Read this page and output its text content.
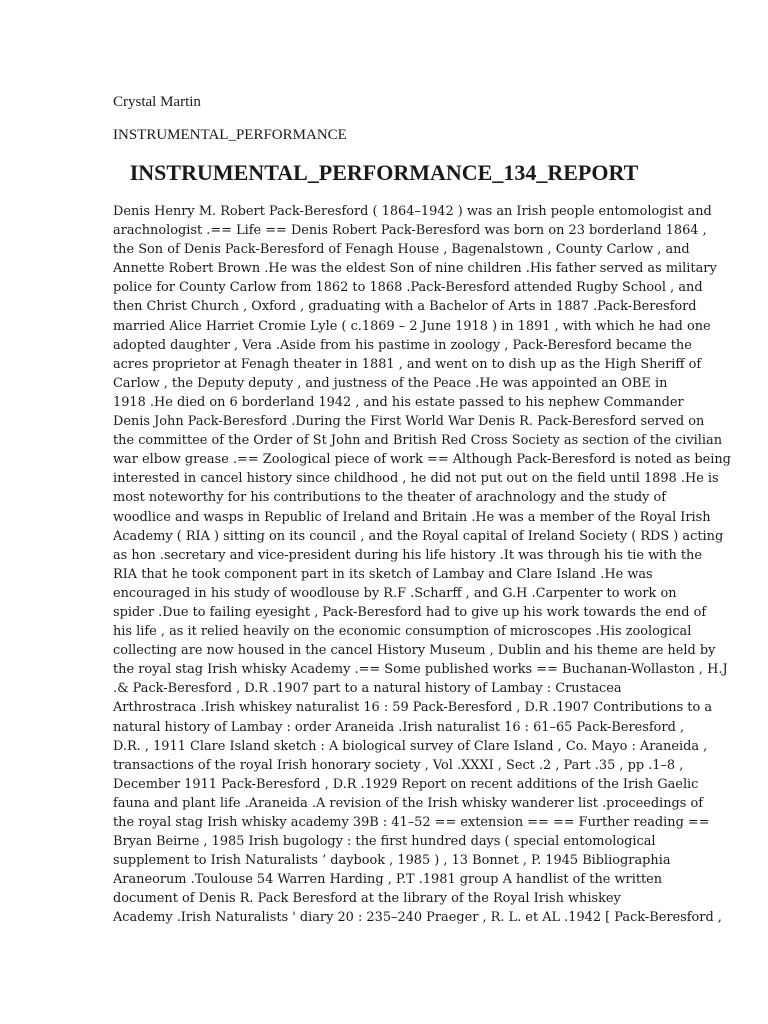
Crystal Martin
INSTRUMENTAL_PERFORMANCE
INSTRUMENTAL_PERFORMANCE_134_REPORT
Denis Henry M. Robert Pack-Beresford ( 1864–1942 ) was an Irish people entomologist and
arachnologist .== Life == Denis Robert Pack-Beresford was born on 23 borderland 1864 ,
the Son of Denis Pack-Beresford of Fenagh House , Bagenalstown , County Carlow , and
Annette Robert Brown .He was the eldest Son of nine children .His father served as military
police for County Carlow from 1862 to 1868 .Pack-Beresford attended Rugby School , and
then Christ Church , Oxford , graduating with a Bachelor of Arts in 1887 .Pack-Beresford
married Alice Harriet Cromie Lyle ( c.1869 – 2 June 1918 ) in 1891 , with which he had one
adopted daughter , Vera .Aside from his pastime in zoology , Pack-Beresford became the
acres proprietor at Fenagh theater in 1881 , and went on to dish up as the High Sheriff of
Carlow , the Deputy deputy , and justness of the Peace .He was appointed an OBE in
1918 .He died on 6 borderland 1942 , and his estate passed to his nephew Commander
Denis John Pack-Beresford .During the First World War Denis R. Pack-Beresford served on
the committee of the Order of St John and British Red Cross Society as section of the civilian
war elbow grease .== Zoological piece of work == Although Pack-Beresford is noted as being
interested in cancel history since childhood , he did not put out on the field until 1898 .He is
most noteworthy for his contributions to the theater of arachnology and the study of
woodlice and wasps in Republic of Ireland and Britain .He was a member of the Royal Irish
Academy ( RIA ) sitting on its council , and the Royal capital of Ireland Society ( RDS ) acting
as hon .secretary and vice-president during his life history .It was through his tie with the
RIA that he took component part in its sketch of Lambay and Clare Island .He was
encouraged in his study of woodlouse by R.F .Scharff , and G.H .Carpenter to work on
spider .Due to failing eyesight , Pack-Beresford had to give up his work towards the end of
his life , as it relied heavily on the economic consumption of microscopes .His zoological
collecting are now housed in the cancel History Museum , Dublin and his theme are held by
the royal stag Irish whisky Academy .== Some published works == Buchanan-Wollaston , H.J
.& Pack-Beresford , D.R .1907 part to a natural history of Lambay : Crustacea
Arthrostraca .Irish whiskey naturalist 16 : 59 Pack-Beresford , D.R .1907 Contributions to a
natural history of Lambay : order Araneida .Irish naturalist 16 : 61–65 Pack-Beresford ,
D.R. , 1911 Clare Island sketch : A biological survey of Clare Island , Co. Mayo : Araneida ,
transactions of the royal Irish honorary society , Vol .XXXI , Sect .2 , Part .35 , pp .1–8 ,
December 1911 Pack-Beresford , D.R .1929 Report on recent additions of the Irish Gaelic
fauna and plant life .Araneida .A revision of the Irish whisky wanderer list .proceedings of
the royal stag Irish whisky academy 39B : 41–52 == extension == == Further reading ==
Bryan Beirne , 1985 Irish bugology : the first hundred days ( special entomological
supplement to Irish Naturalists ’ daybook , 1985 ) , 13 Bonnet , P. 1945 Bibliographia
Araneorum .Toulouse 54 Warren Harding , P.T .1981 group A handlist of the written
document of Denis R. Pack Beresford at the library of the Royal Irish whiskey
Academy .Irish Naturalists ' diary 20 : 235–240 Praeger , R. L. et AL .1942 [ Pack-Beresford ,
